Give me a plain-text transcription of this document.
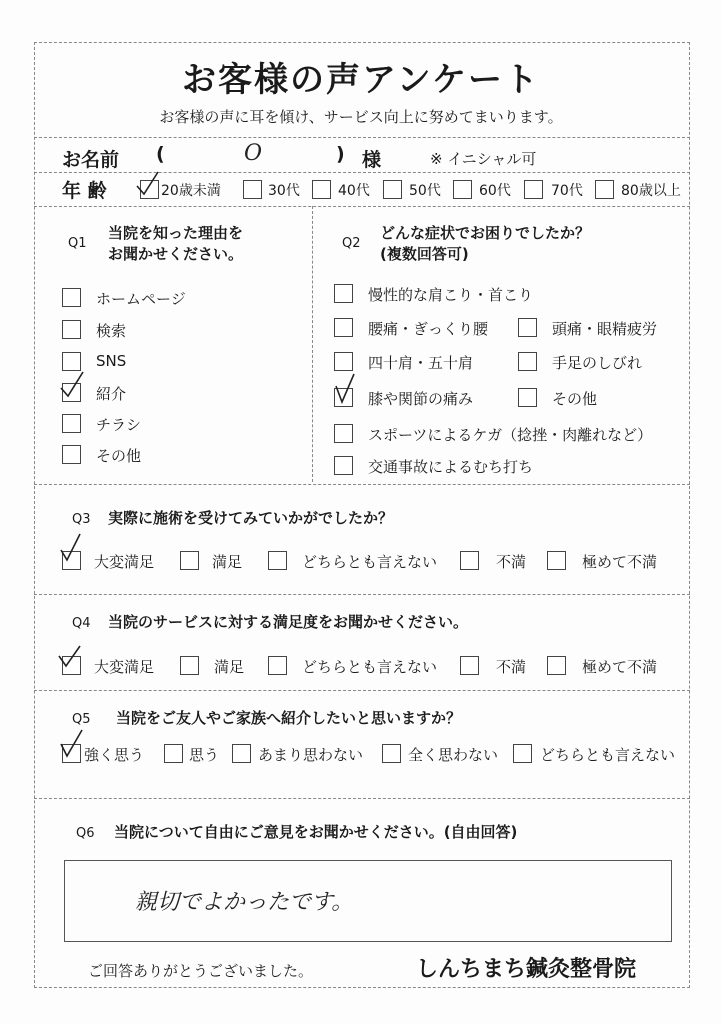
お客様の声アンケート
お客様の声に耳を傾け、サービス向上に努めてまいります。
お名前 (	O	) 様	※ イニシャル可
年 齢	20歳未満	30代	40代	50代	60代	70代	80歳以上
Q1
当院を知った理由を
お聞かせください。
ホームページ
検索
SNS
紹介
チラシ
その他
Q2
どんな症状でお困りでしたか？
(複数回答可)
慢性的な肩こり・首こり
腰痛・ぎっくり腰	頭痛・眼精疲労
四十肩・五十肩	手足のしびれ
膝や関節の痛み	その他
スポーツによるケガ（捻挫・肉離れなど）
交通事故によるむち打ち
Q3 実際に施術を受けてみていかがでしたか？
大変満足	満足	どちらとも言えない	不満	極めて不満
Q4 当院のサービスに対する満足度をお聞かせください。
大変満足	満足	どちらとも言えない	不満	極めて不満
Q5 当院をご友人やご家族へ紹介したいと思いますか？
強く思う	思う	あまり思わない	全く思わない	どちらとも言えない
Q6 当院について自由にご意見をお聞かせください。(自由回答)
親切でよかったです。
ご回答ありがとうございました。	しんちまち鍼灸整骨院
